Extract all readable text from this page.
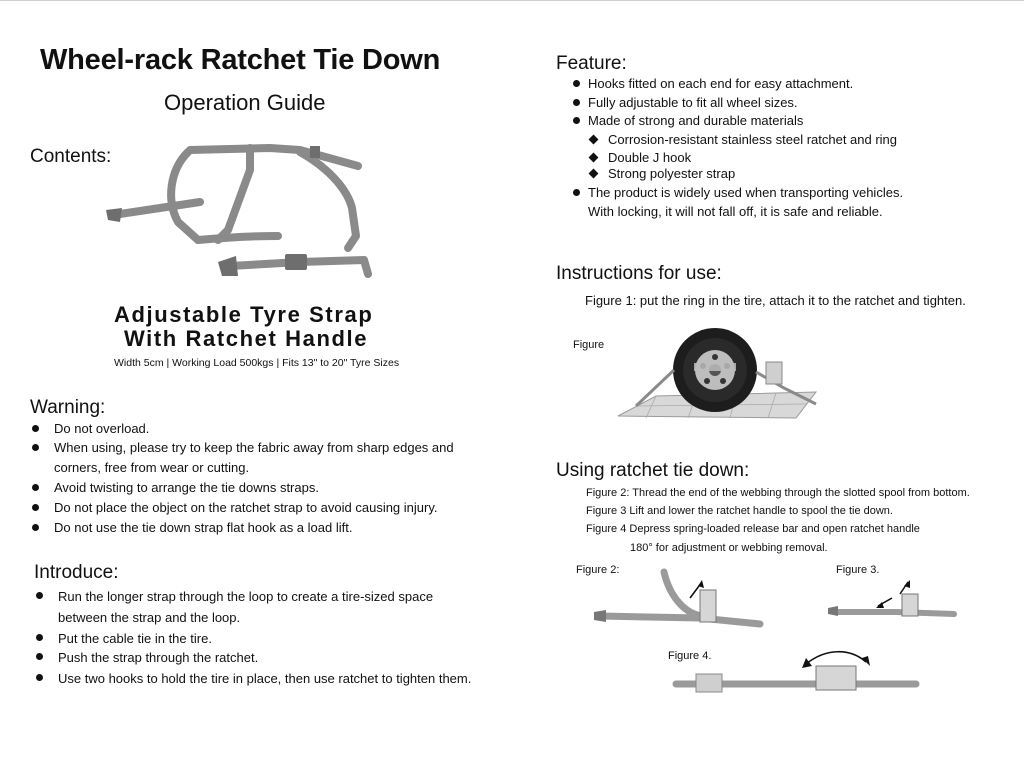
Wheel-rack Ratchet Tie Down
Operation Guide
Contents:
Adjustable Tyre Strap
With Ratchet Handle
Width 5cm | Working Load 500kgs | Fits 13" to 20" Tyre Sizes
Warning:
Do not overload.
When using, please try to keep the fabric away from sharp edges and
corners, free from wear or cutting.
Avoid twisting to arrange the tie downs straps.
Do not place the object on the ratchet strap to avoid causing injury.
Do not use the tie down strap flat hook as a load lift.
Introduce:
Run the longer strap through the loop to create a tire-sized space
between the strap and the loop.
Put the cable tie in the tire.
Push the strap through the ratchet.
Use two hooks to hold the tire in place, then use ratchet to tighten them.
Feature:
Hooks fitted on each end for easy attachment.
Fully adjustable to fit all wheel sizes.
Made of strong and durable materials
Corrosion-resistant stainless steel ratchet and ring
Double J hook
Strong polyester strap
The product is widely used when transporting vehicles.
With locking, it will not fall off, it is safe and reliable.
Instructions for use:
Figure 1: put the ring in the tire, attach it to the ratchet and tighten.
Figure
Using ratchet tie down:
Figure 2: Thread the end of the webbing through the slotted spool from bottom.
Figure 3 Lift and lower the ratchet handle to spool the tie down.
Figure 4 Depress spring-loaded release bar and open ratchet handle
180° for adjustment or webbing removal.
Figure 2:	Figure 3.
Figure 4.
